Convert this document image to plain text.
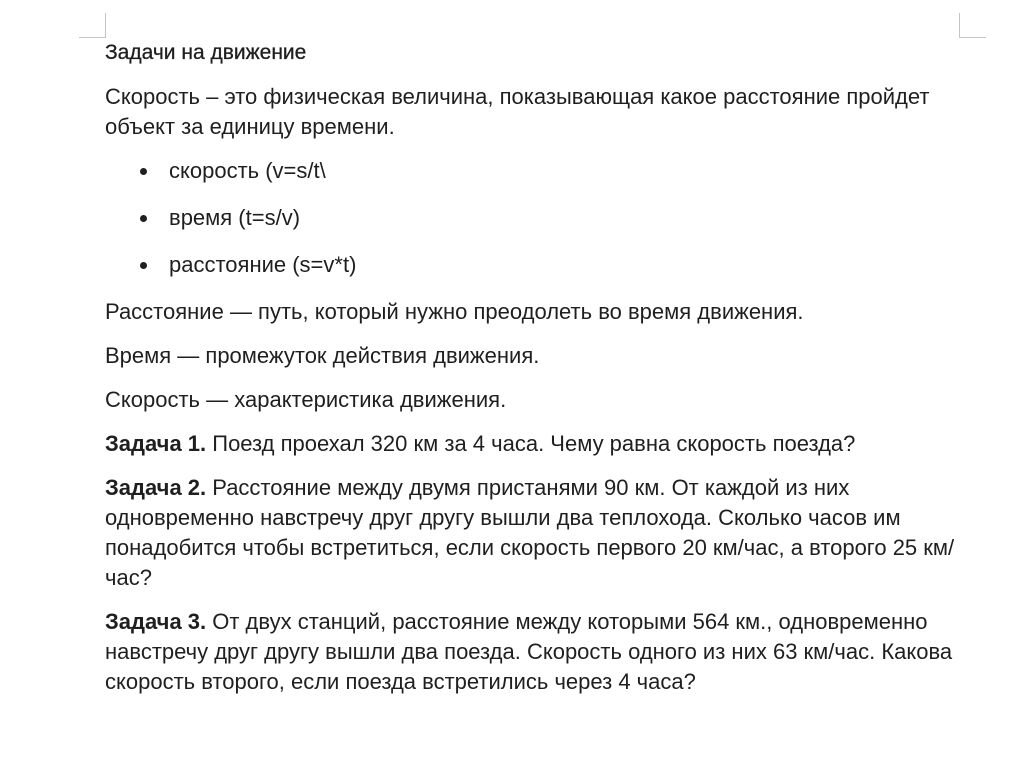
Задачи на движение

Скорость – это физическая величина, показывающая какое расстояние пройдет объект за единицу времени.

скорость (v=s/t\
время (t=s/v)
расстояние (s=v*t)

Расстояние — путь, который нужно преодолеть во время движения.

Время — промежуток действия движения.

Скорость — характеристика движения.

Задача 1. Поезд проехал 320 км за 4 часа. Чему равна скорость поезда?

Задача 2. Расстояние между двумя пристанями 90 км. От каждой из них одновременно навстречу друг другу вышли два теплохода. Сколько часов им понадобится чтобы встретиться, если скорость первого 20 км/час, а второго 25 км/час?

Задача 3. От двух станций, расстояние между которыми 564 км., одновременно навстречу друг другу вышли два поезда. Скорость одного из них 63 км/час. Какова скорость второго, если поезда встретились через 4 часа?
